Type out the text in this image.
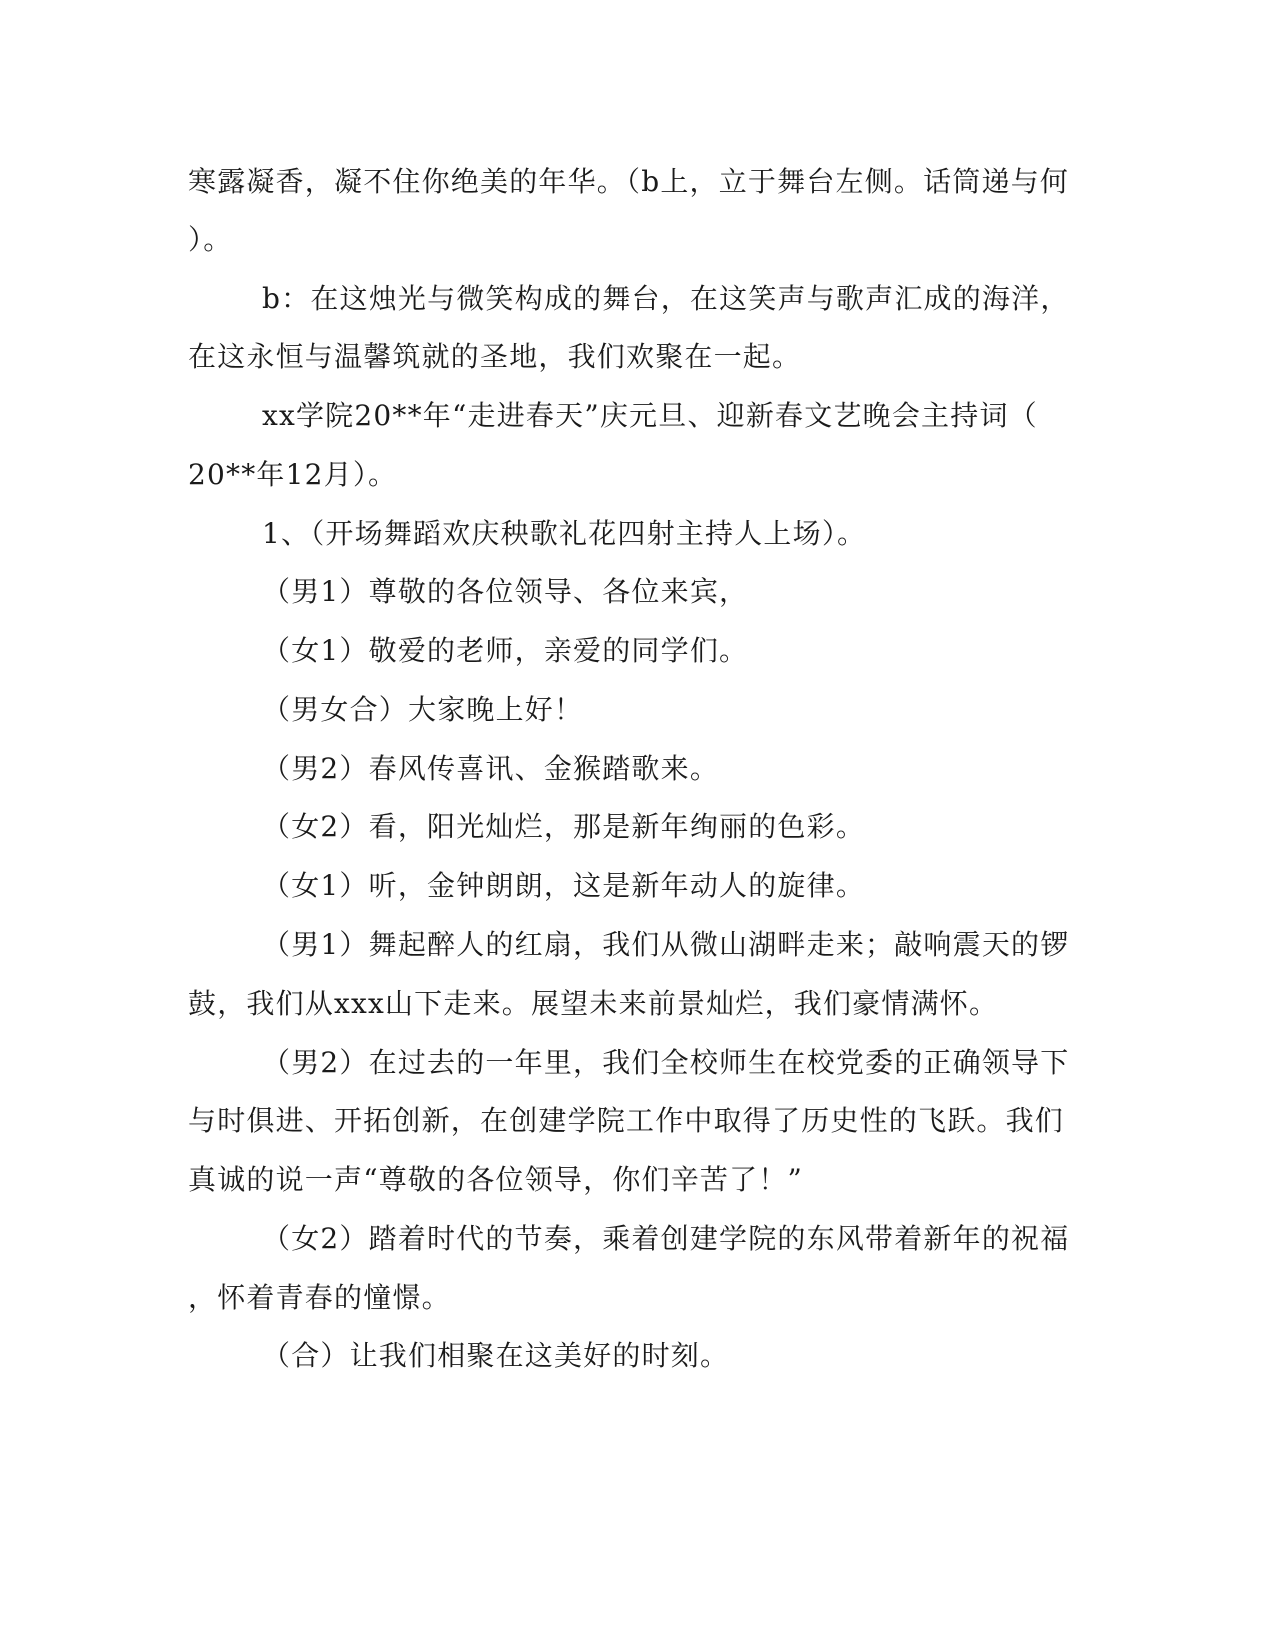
寒露凝香，凝不住你绝美的年华。（b上，立于舞台左侧。话筒递与何

）。

b：在这烛光与微笑构成的舞台，在这笑声与歌声汇成的海洋，

在这永恒与温馨筑就的圣地，我们欢聚在一起。

xx学院20**年“走进春天”庆元旦、迎新春文艺晚会主持词（

20**年12月）。

1、（开场舞蹈欢庆秧歌礼花四射主持人上场）。

（男1）尊敬的各位领导、各位来宾，

（女1）敬爱的老师，亲爱的同学们。

（男女合）大家晚上好！

（男2）春风传喜讯、金猴踏歌来。

（女2）看，阳光灿烂，那是新年绚丽的色彩。

（女1）听，金钟朗朗，这是新年动人的旋律。

（男1）舞起醉人的红扇，我们从微山湖畔走来；敲响震天的锣

鼓，我们从xxx山下走来。展望未来前景灿烂，我们豪情满怀。

（男2）在过去的一年里，我们全校师生在校党委的正确领导下

与时俱进、开拓创新，在创建学院工作中取得了历史性的飞跃。我们

真诚的说一声“尊敬的各位领导，你们辛苦了！”

（女2）踏着时代的节奏，乘着创建学院的东风带着新年的祝福

，怀着青春的憧憬。

（合）让我们相聚在这美好的时刻。
